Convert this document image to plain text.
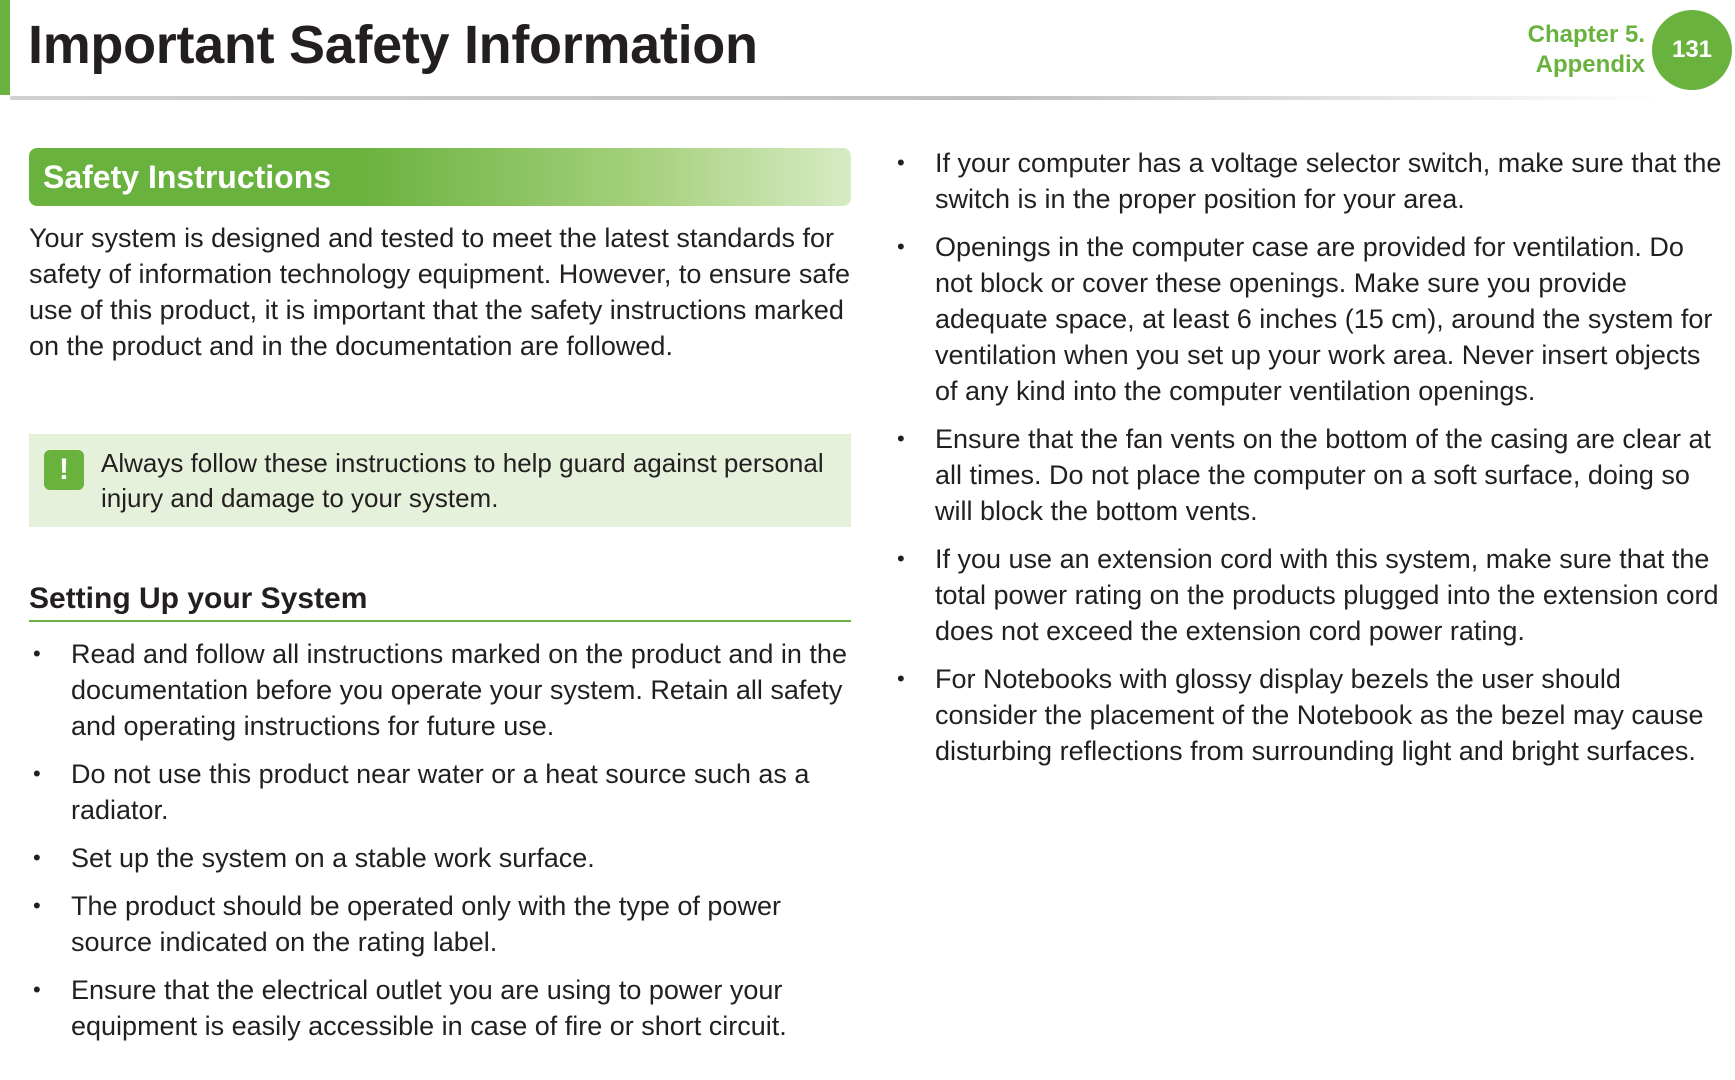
Important Safety Information	Chapter 5.
Appendix
131
Safety Instructions

Your system is designed and tested to meet the latest standards for safety of information technology equipment. However, to ensure safe use of this product, it is important that the safety instructions marked on the product and in the documentation are followed.

!	Always follow these instructions to help guard against personal injury and damage to your system.
Setting Up your System
• Read and follow all instructions marked on the product and in the documentation before you operate your system. Retain all safety and operating instructions for future use.
• Do not use this product near water or a heat source such as a radiator.
• Set up the system on a stable work surface.
• The product should be operated only with the type of power source indicated on the rating label.
• Ensure that the electrical outlet you are using to power your equipment is easily accessible in case of fire or short circuit.
• If your computer has a voltage selector switch, make sure that the switch is in the proper position for your area.
• Openings in the computer case are provided for ventilation. Do not block or cover these openings. Make sure you provide adequate space, at least 6 inches (15 cm), around the system for ventilation when you set up your work area. Never insert objects of any kind into the computer ventilation openings.
• Ensure that the fan vents on the bottom of the casing are clear at all times. Do not place the computer on a soft surface, doing so will block the bottom vents.
• If you use an extension cord with this system, make sure that the total power rating on the products plugged into the extension cord does not exceed the extension cord power rating.
• For Notebooks with glossy display bezels the user should consider the placement of the Notebook as the bezel may cause disturbing reflections from surrounding light and bright surfaces.
